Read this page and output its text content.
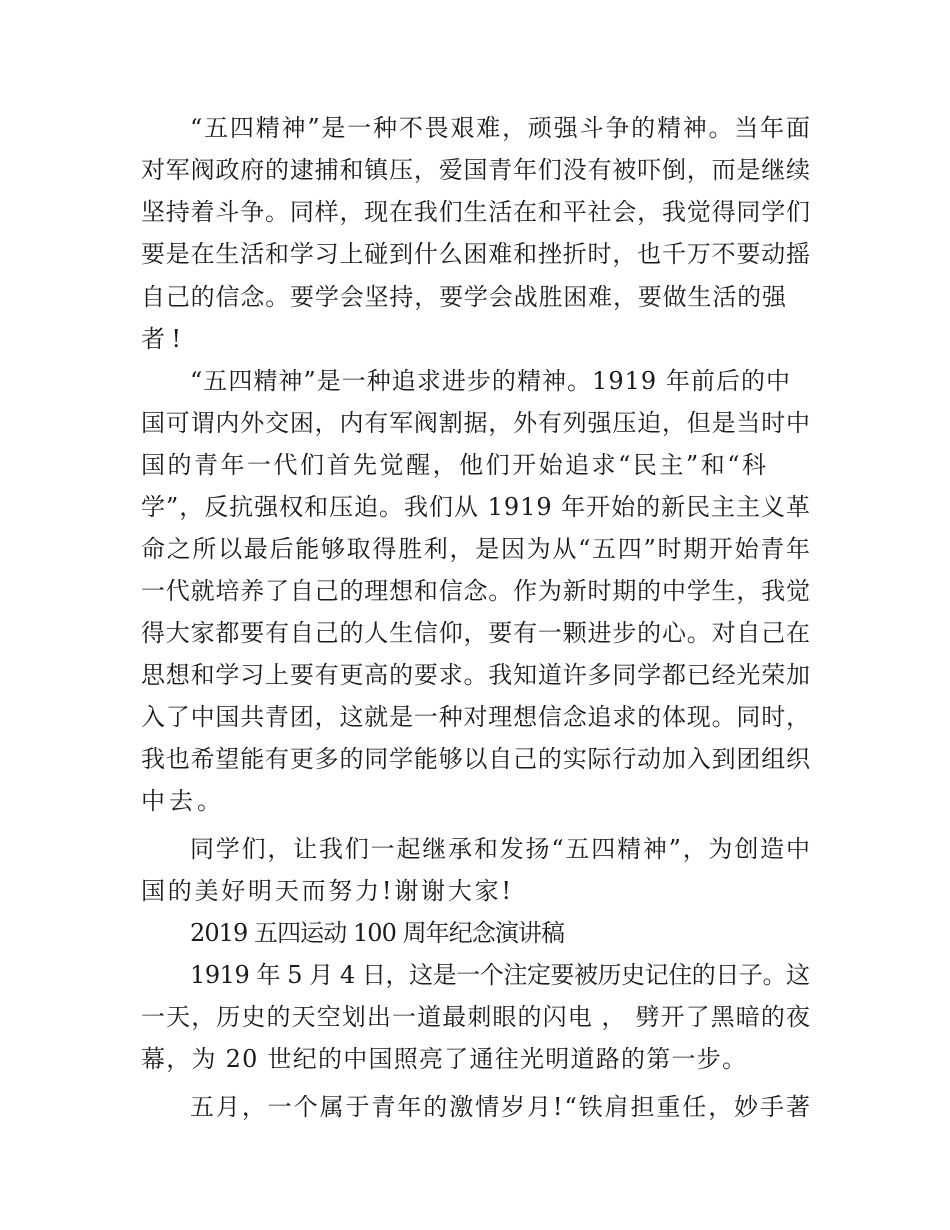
“五四精神”是一种不畏艰难，顽强斗争的精神。当年面
对军阀政府的逮捕和镇压，爱国青年们没有被吓倒，而是继续
坚持着斗争。同样，现在我们生活在和平社会，我觉得同学们
要是在生活和学习上碰到什么困难和挫折时，也千万不要动摇
自己的信念。要学会坚持，要学会战胜困难，要做生活的强
者!
“五四精神”是一种追求进步的精神。1919 年前后的中
国可谓内外交困，内有军阀割据，外有列强压迫，但是当时中
国的青年一代们首先觉醒，他们开始追求“民主”和“科
学”，反抗强权和压迫。我们从 1919 年开始的新民主主义革
命之所以最后能够取得胜利，是因为从“五四”时期开始青年
一代就培养了自己的理想和信念。作为新时期的中学生，我觉
得大家都要有自己的人生信仰，要有一颗进步的心。对自己在
思想和学习上要有更高的要求。我知道许多同学都已经光荣加
入了中国共青团，这就是一种对理想信念追求的体现。同时，
我也希望能有更多的同学能够以自己的实际行动加入到团组织
中去。
同学们，让我们一起继承和发扬“五四精神”，为创造中
国的美好明天而努力!谢谢大家!
2019 五四运动 100 周年纪念演讲稿
1919 年 5 月 4 日，这是一个注定要被历史记住的日子。这
一天，历史的天空划出一道最刺眼的闪电 ， 劈开了黑暗的夜
幕，为 20 世纪的中国照亮了通往光明道路的第一步。
五月，一个属于青年的激情岁月!“铁肩担重任，妙手著
